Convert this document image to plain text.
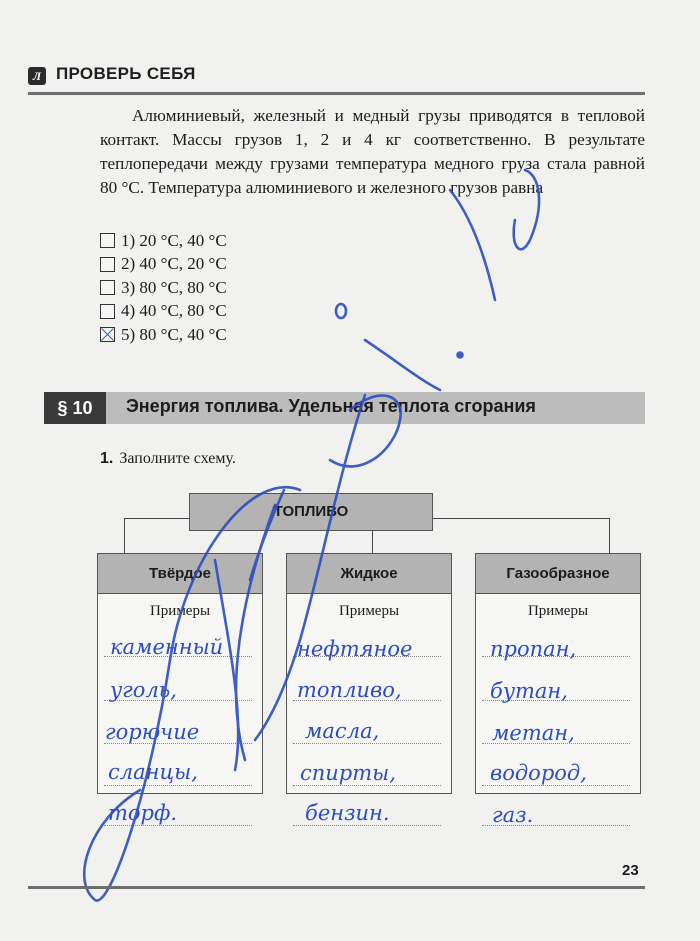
Л ПРОВЕРЬ СЕБЯ

Алюминиевый, железный и медный грузы приводятся в тепловой контакт. Массы грузов 1, 2 и 4 кг соответственно. В результате теплопередачи между грузами температура медного груза стала равной 80 °C. Температура алюминиевого и железного грузов равна

1) 20 °C, 40 °C
2) 40 °C, 20 °C
3) 80 °C, 80 °C
4) 40 °C, 80 °C
5) 80 °C, 40 °C
§ 10	Энергия топлива. Удельная теплота сгорания
1. Заполните схему.
ТОПЛИВО
Твёрдое
Примеры
Жидкое
Примеры
Газообразное
Примеры
каменный
уголь,
горючие
сланцы,
торф.
нефтяное
топливо,
масла,
спирты,
бензин.
пропан,
бутан,
метан,
водород,
газ.
23
